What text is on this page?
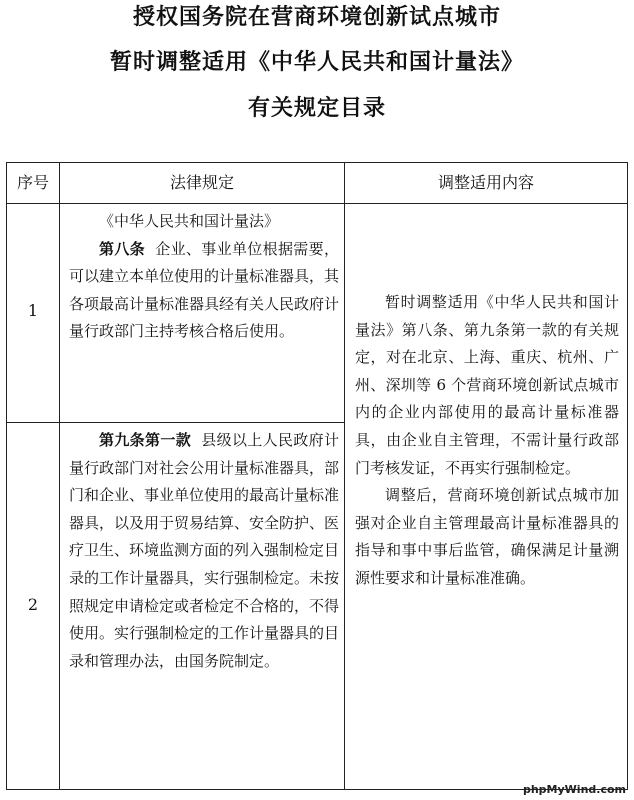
授权国务院在营商环境创新试点城市
暂时调整适用《中华人民共和国计量法》
有关规定目录
序号	法律规定	调整适用内容
1

《中华人民共和国计量法》

第八条 企业、事业单位根据需要，可以建立本单位使用的计量标准器具，其各项最高计量标准器具经有关人民政府计量行政部门主持考核合格后使用。

2

第九条第一款 县级以上人民政府计量行政部门对社会公用计量标准器具，部门和企业、事业单位使用的最高计量标准器具，以及用于贸易结算、安全防护、医疗卫生、环境监测方面的列入强制检定目录的工作计量器具，实行强制检定。未按照规定申请检定或者检定不合格的，不得使用。实行强制检定的工作计量器具的目录和管理办法，由国务院制定。

暂时调整适用《中华人民共和国计量法》第八条、第九条第一款的有关规定，对在北京、上海、重庆、杭州、广州、深圳等 6 个营商环境创新试点城市内的企业内部使用的最高计量标准器具，由企业自主管理，不需计量行政部门考核发证，不再实行强制检定。

调整后，营商环境创新试点城市加强对企业自主管理最高计量标准器具的指导和事中事后监管，确保满足计量溯源性要求和计量标准准确。

phpMyWind.com
